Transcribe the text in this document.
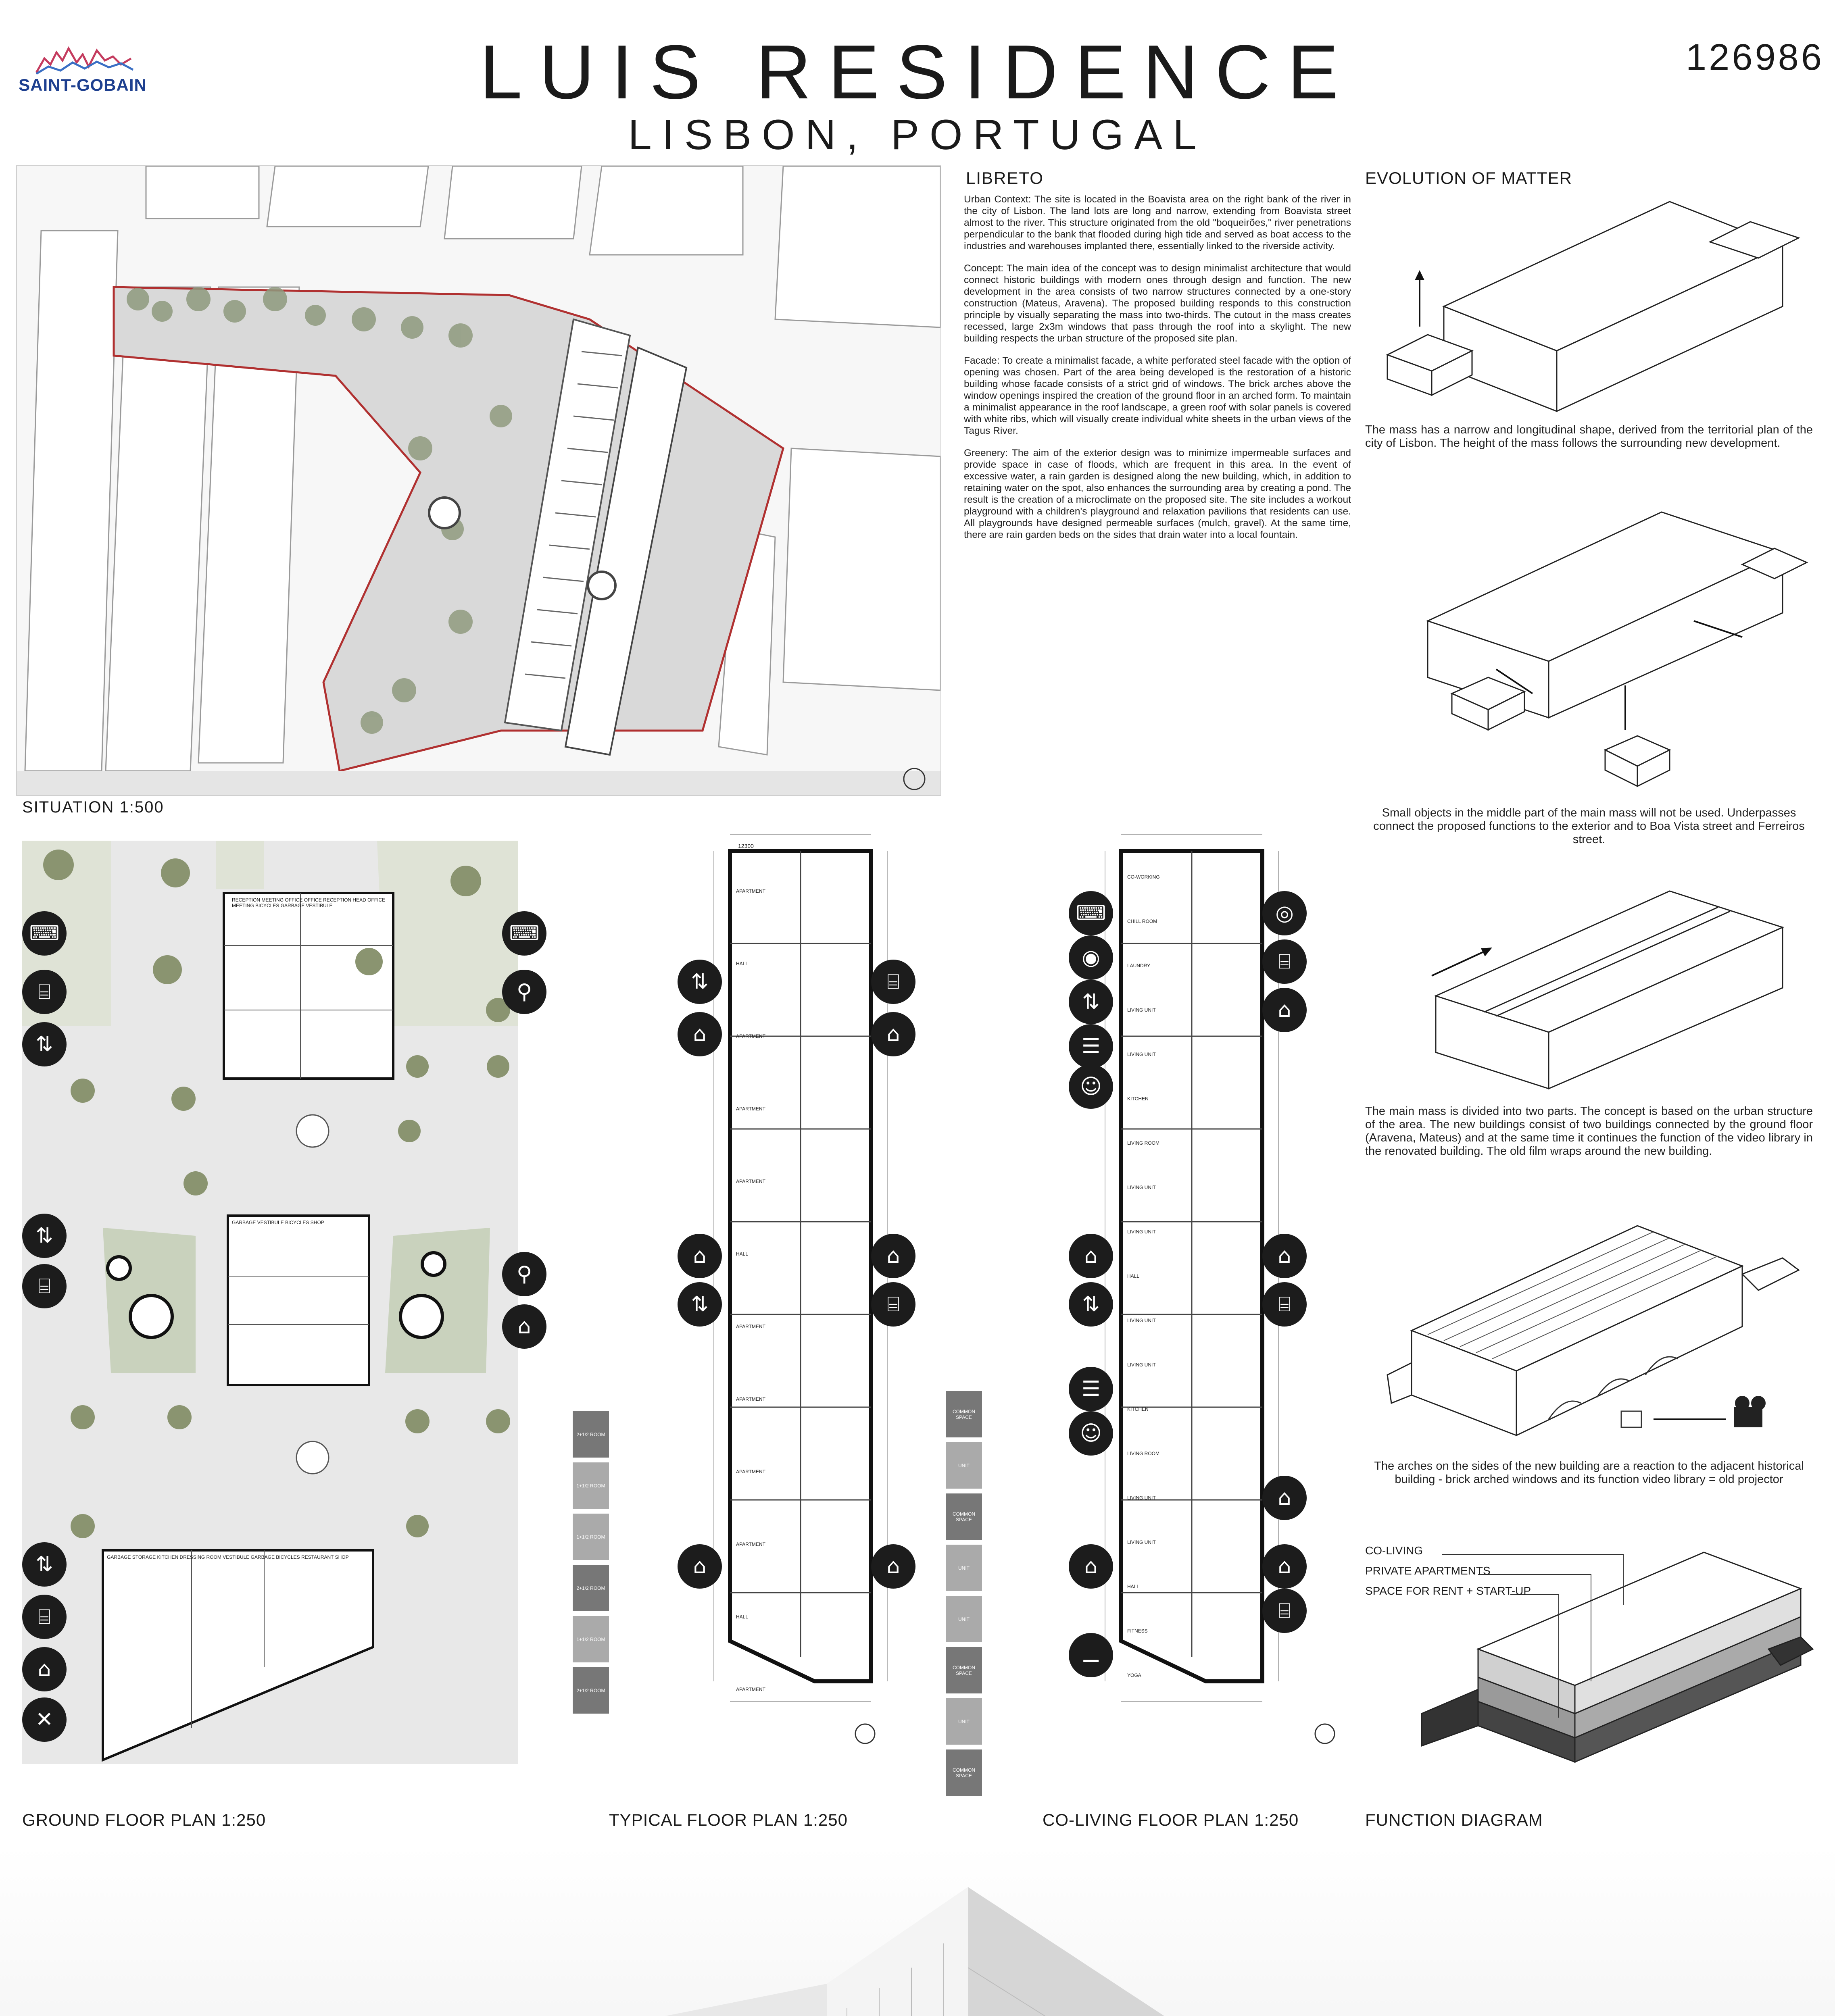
SAINT-GOBAIN	LUIS RESIDENCE
LISBON, PORTUGAL
126986
SITUATION 1:500
LIBRETO

Urban Context: The site is located in the Boavista area on the right bank of the river in the city of Lisbon. The land lots are long and narrow, extending from Boavista street almost to the river. This structure originated from the old "boqueirões," river penetrations perpendicular to the bank that flooded during high tide and served as boat access to the industries and warehouses implanted there, essentially linked to the riverside activity.

Concept: The main idea of the concept was to design minimalist architecture that would connect historic buildings with modern ones through design and function. The new development in the area consists of two narrow structures connected by a one-story construction (Mateus, Aravena). The proposed building responds to this construction principle by visually separating the mass into two-thirds. The cutout in the mass creates recessed, large 2x3m windows that pass through the roof into a skylight. The new building respects the urban structure of the proposed site plan.

Facade: To create a minimalist facade, a white perforated steel facade with the option of opening was chosen. Part of the area being developed is the restoration of a historic building whose facade consists of a strict grid of windows. The brick arches above the window openings inspired the creation of the ground floor in an arched form. To maintain a minimalist appearance in the roof landscape, a green roof with solar panels is covered with white ribs, which will visually create individual white sheets in the urban views of the Tagus River.

Greenery: The aim of the exterior design was to minimize impermeable surfaces and provide space in case of floods, which are frequent in this area. In the event of excessive water, a rain garden is designed along the new building, which, in addition to retaining water on the spot, also enhances the surrounding area by creating a pond. The result is the creation of a microclimate on the proposed site. The site includes a workout playground with a children's playground and relaxation pavilions that residents can use. All playgrounds have designed permeable surfaces (mulch, gravel). At the same time, there are rain garden beds on the sides that drain water into a local fountain.

EVOLUTION OF MATTER
The mass has a narrow and longitudinal shape, derived from the territorial plan of the city of Lisbon. The height of the mass follows the surrounding new development.
Small objects in the middle part of the main mass will not be used. Underpasses connect the proposed functions to the exterior and to Boa Vista street and Ferreiros street.
The main mass is divided into two parts. The concept is based on the urban structure of the area. The new buildings consist of two buildings connected by the ground floor (Aravena, Mateus) and at the same time it continues the function of the video library in the renovated building. The old film wraps around the new building.
The arches on the sides of the new building are a reaction to the adjacent historical building - brick arched windows and its function video library = old projector
CO-LIVING
PRIVATE APARTMENTS
SPACE FOR RENT + START-UP
FUNCTION DIAGRAM
⌨
⌸
⇅
⌨
⚲
⇅
⌸	⚲
⌂
⇅
⌸
⌂
✕
RECEPTION MEETING OFFICE OFFICE RECEPTION HEAD OFFICE MEETING BICYCLES GARBAGE VESTIBULE
GARBAGE VESTIBULE BICYCLES SHOP
GARBAGE STORAGE KITCHEN DRESSING ROOM VESTIBULE GARBAGE BICYCLES RESTAURANT SHOP
GROUND FLOOR PLAN 1:250
⇅	⌸
⌂	⌂
⌂	⌂
⇅	⌸
⌂	⌂
12300
APARTMENT
HALL
APARTMENT
APARTMENT
APARTMENT
HALL
APARTMENT
APARTMENT
APARTMENT
APARTMENT
HALL
APARTMENT
2+1/2 ROOM
1+1/2 ROOM
1+1/2 ROOM
2+1/2 ROOM
1+1/2 ROOM
2+1/2 ROOM
TYPICAL FLOOR PLAN 1:250
⌨	◎
◉	⌸
⇅	⌂
☰
☺
⌂
⌂
⇅	⌸
☰
☺
⌂
⌂	⌂
⌸
⚊
CO-WORKING
CHILL ROOM
LAUNDRY
LIVING UNIT
LIVING UNIT
KITCHEN
LIVING ROOM
LIVING UNIT
LIVING UNIT
HALL
LIVING UNIT
LIVING UNIT
KITCHEN
LIVING ROOM
LIVING UNIT
LIVING UNIT
HALL
FITNESS
YOGA
COMMON SPACE
UNIT
COMMON SPACE
UNIT
UNIT
COMMON SPACE
UNIT
COMMON SPACE
CO-LIVING FLOOR PLAN 1:250
